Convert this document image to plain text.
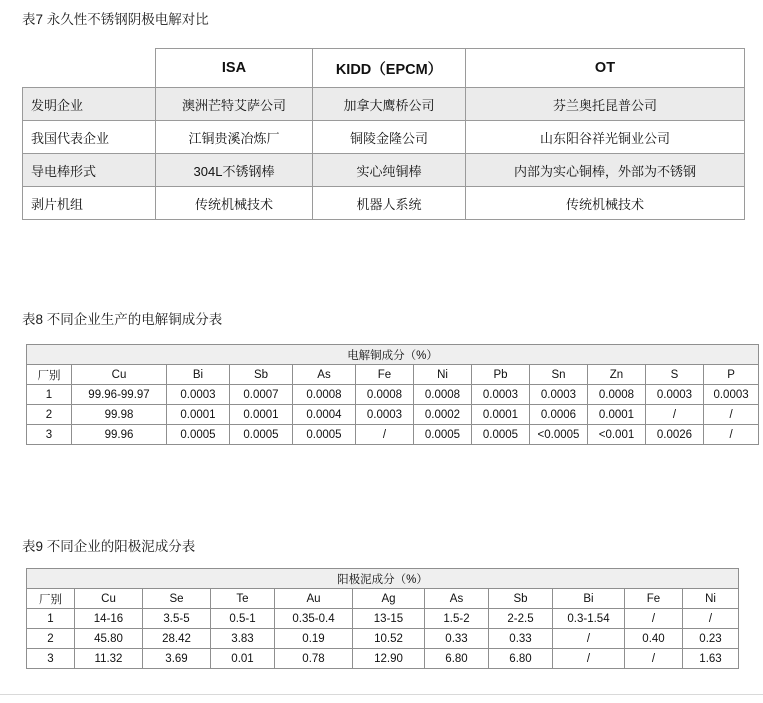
表7 永久性不锈钢阴极电解对比
	ISA	KIDD（EPCM）	OT
发明企业	澳洲芒特艾萨公司	加拿大鹰桥公司	芬兰奥托昆普公司
我国代表企业	江铜贵溪冶炼厂	铜陵金隆公司	山东阳谷祥光铜业公司
导电棒形式	304L不锈钢棒	实心纯铜棒	内部为实心铜棒，外部为不锈钢
剥片机组	传统机械技术	机器人系统	传统机械技术
表8 不同企业生产的电解铜成分表
电解铜成分（%）											
厂别	Cu	Bi	Sb	As	Fe	Ni	Pb	Sn	Zn	S	P
1	99.96-99.97	0.0003	0.0007	0.0008	0.0008	0.0008	0.0003	0.0003	0.0008	0.0003	0.0003
2	99.98	0.0001	0.0001	0.0004	0.0003	0.0002	0.0001	0.0006	0.0001	/	/
3	99.96	0.0005	0.0005	0.0005	/	0.0005	0.0005	<0.0005	<0.001	0.0026	/
表9 不同企业的阳极泥成分表
阳极泥成分（%）										
厂别	Cu	Se	Te	Au	Ag	As	Sb	Bi	Fe	Ni
1	14-16	3.5-5	0.5-1	0.35-0.4	13-15	1.5-2	2-2.5	0.3-1.54	/	/
2	45.80	28.42	3.83	0.19	10.52	0.33	0.33	/	0.40	0.23
3	11.32	3.69	0.01	0.78	12.90	6.80	6.80	/	/	1.63
